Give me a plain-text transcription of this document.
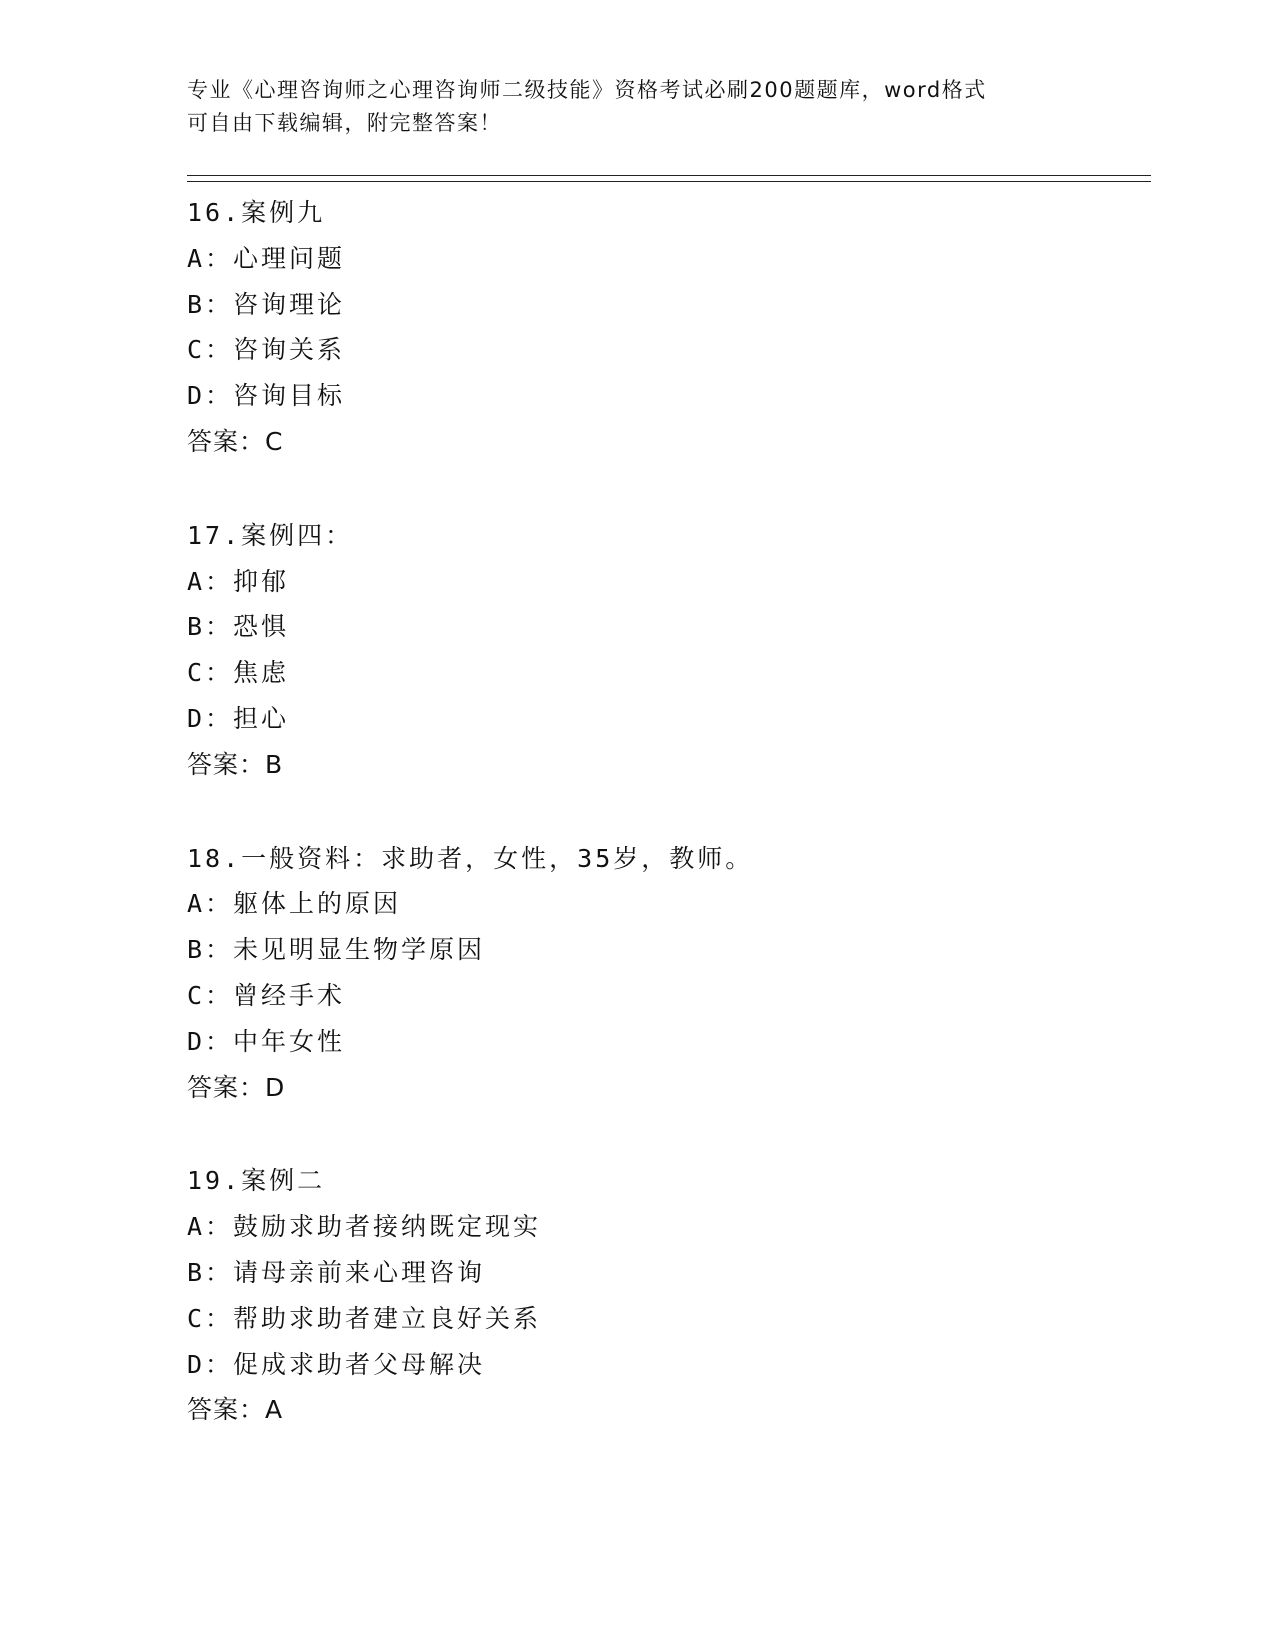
专业《心理咨询师之心理咨询师二级技能》资格考试必刷200题题库，word格式
可自由下载编辑，附完整答案！
16.案例九
A：心理问题
B：咨询理论
C：咨询关系
D：咨询目标
答案：C
17.案例四：
A：抑郁
B：恐惧
C：焦虑
D：担心
答案：B
18.一般资料：求助者，女性，35岁，教师。
A：躯体上的原因
B：未见明显生物学原因
C：曾经手术
D：中年女性
答案：D
19.案例二
A：鼓励求助者接纳既定现实
B：请母亲前来心理咨询
C：帮助求助者建立良好关系
D：促成求助者父母解决
答案：A
